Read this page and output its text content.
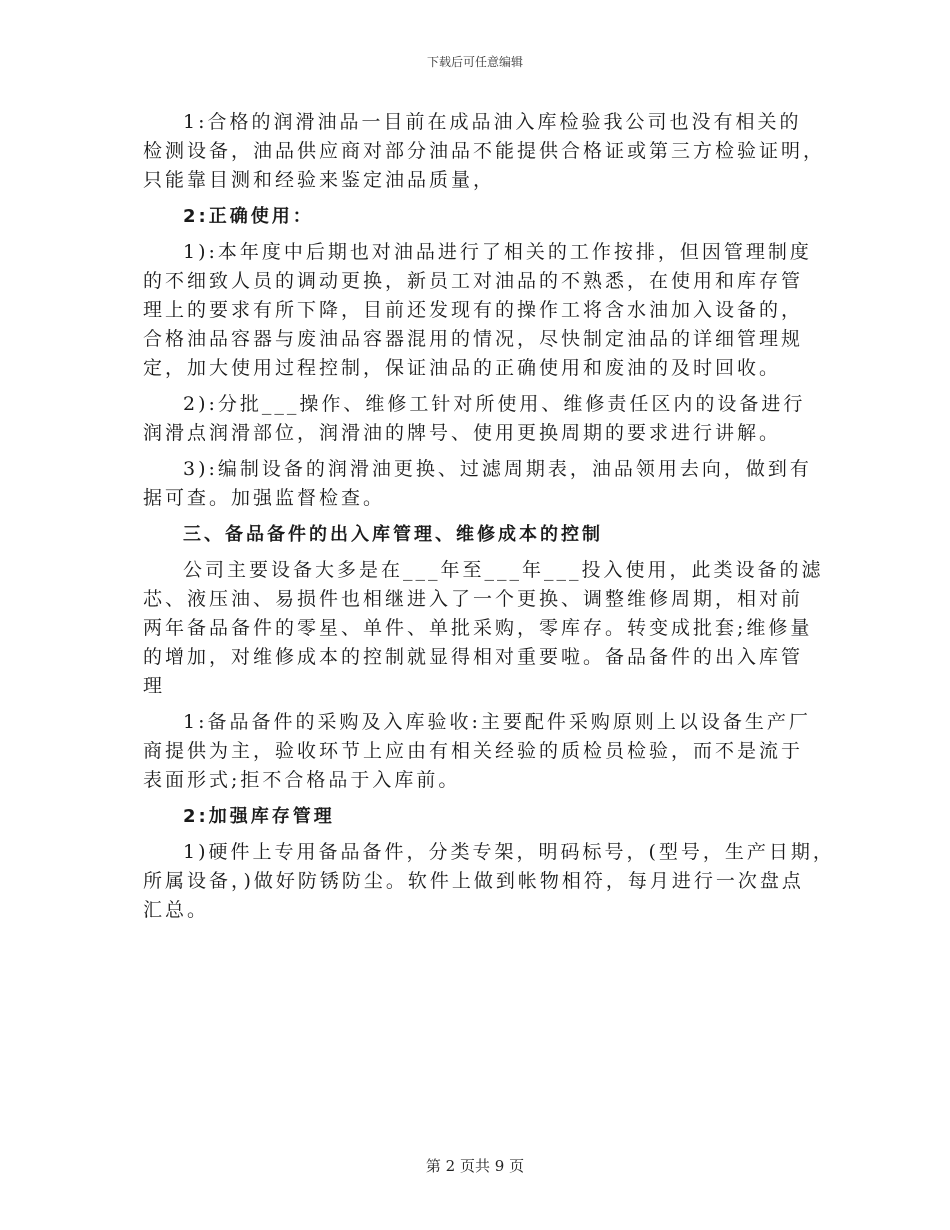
下载后可任意编辑
1:合格的润滑油品一目前在成品油入库检验我公司也没有相关的
检测设备，油品供应商对部分油品不能提供合格证或第三方检验证明，
只能靠目测和经验来鉴定油品质量，
2:正确使用：
1):本年度中后期也对油品进行了相关的工作按排，但因管理制度
的不细致人员的调动更换，新员工对油品的不熟悉，在使用和库存管
理上的要求有所下降，目前还发现有的操作工将含水油加入设备的，
合格油品容器与废油品容器混用的情况，尽快制定油品的详细管理规
定，加大使用过程控制，保证油品的正确使用和废油的及时回收。
2):分批___操作、维修工针对所使用、维修责任区内的设备进行
润滑点润滑部位，润滑油的牌号、使用更换周期的要求进行讲解。
3):编制设备的润滑油更换、过滤周期表，油品领用去向，做到有
据可查。加强监督检查。
三、备品备件的出入库管理、维修成本的控制
公司主要设备大多是在___年至___年___投入使用，此类设备的滤
芯、液压油、易损件也相继进入了一个更换、调整维修周期，相对前
两年备品备件的零星、单件、单批采购，零库存。转变成批套;维修量
的增加，对维修成本的控制就显得相对重要啦。备品备件的出入库管
理
1:备品备件的采购及入库验收:主要配件采购原则上以设备生产厂
商提供为主，验收环节上应由有相关经验的质检员检验，而不是流于
表面形式;拒不合格品于入库前。
2:加强库存管理
1)硬件上专用备品备件，分类专架，明码标号，(型号，生产日期，
所属设备，)做好防锈防尘。软件上做到帐物相符，每月进行一次盘点
汇总。
第 2 页共 9 页
